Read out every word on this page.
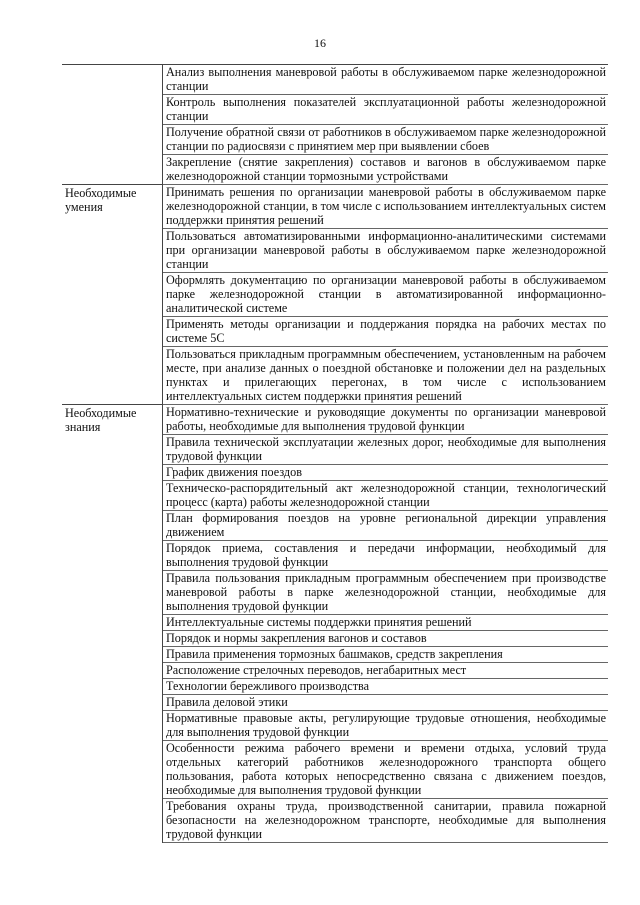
16

	Анализ выполнения маневровой работы в обслуживаемом парке железнодорожной станции

	Контроль выполнения показателей эксплуатационной работы железнодорожной станции

	Получение обратной связи от работников в обслуживаемом парке железнодорожной станции по радиосвязи с принятием мер при выявлении сбоев

	Закрепление (снятие закрепления) составов и вагонов в обслуживаемом парке железнодорожной станции тормозными устройствами

Необходимые умения	Принимать решения по организации маневровой работы в обслуживаемом парке железнодорожной станции, в том числе с использованием интеллектуальных систем поддержки принятия решений

	Пользоваться автоматизированными информационно-аналитическими системами при организации маневровой работы в обслуживаемом парке железнодорожной станции

	Оформлять документацию по организации маневровой работы в обслуживаемом парке железнодорожной станции в автоматизированной информационно-аналитической системе

	Применять методы организации и поддержания порядка на рабочих местах по системе 5С

	Пользоваться прикладным программным обеспечением, установленным на рабочем месте, при анализе данных о поездной обстановке и положении дел на раздельных пунктах и прилегающих перегонах, в том числе с использованием интеллектуальных систем поддержки принятия решений

Необходимые знания	Нормативно-технические и руководящие документы по организации маневровой работы, необходимые для выполнения трудовой функции

	Правила технической эксплуатации железных дорог, необходимые для выполнения трудовой функции

	График движения поездов

	Техническо-распорядительный акт железнодорожной станции, технологический процесс (карта) работы железнодорожной станции

	План формирования поездов на уровне региональной дирекции управления движением

	Порядок приема, составления и передачи информации, необходимый для выполнения трудовой функции

	Правила пользования прикладным программным обеспечением при производстве маневровой работы в парке железнодорожной станции, необходимые для выполнения трудовой функции

	Интеллектуальные системы поддержки принятия решений

	Порядок и нормы закрепления вагонов и составов

	Правила применения тормозных башмаков, средств закрепления

	Расположение стрелочных переводов, негабаритных мест

	Технологии бережливого производства

	Правила деловой этики

	Нормативные правовые акты, регулирующие трудовые отношения, необходимые для выполнения трудовой функции

	Особенности режима рабочего времени и времени отдыха, условий труда отдельных категорий работников железнодорожного транспорта общего пользования, работа которых непосредственно связана с движением поездов, необходимые для выполнения трудовой функции

	Требования охраны труда, производственной санитарии, правила пожарной безопасности на железнодорожном транспорте, необходимые для выполнения трудовой функции
